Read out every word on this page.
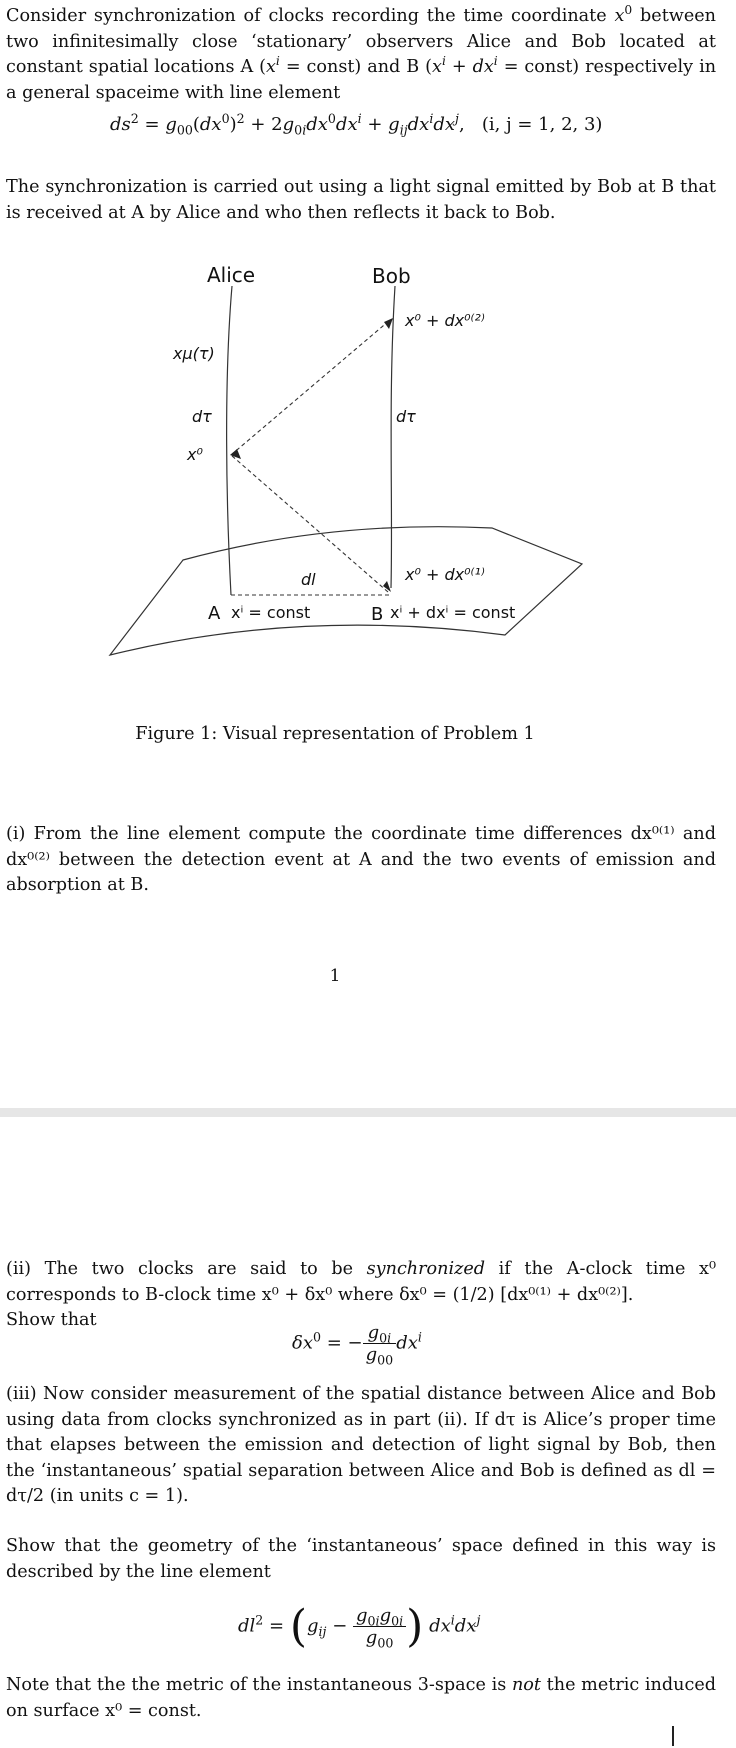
Consider synchronization of clocks recording the time coordinate $x^0$ between two infinitesimally close ‘stationary’ observers Alice and Bob located at constant spatial locations A ($x^i$ = const) and B ($x^i + dx^i$ = const) respectively in a general spaceime with line element

$ds^2 = g_{00}(dx^0)^2 + 2g_{0i}dx^0dx^i + g_{ij}dx^idx^j$,   (i, j = 1, 2, 3)

The synchronization is carried out using a light signal emitted by Bob at B that is received at A by Alice and who then reflects it back to Bob.

Alice	Bob
xμ(τ)
dτ
x⁰
dτ
x⁰ + dx⁰⁽²⁾
x⁰ + dx⁰⁽¹⁾
dl
A xⁱ = const	B xⁱ + dxⁱ = const
Figure 1: Visual representation of Problem 1

(i) From the line element compute the coordinate time differences dx⁰⁽¹⁾ and dx⁰⁽²⁾ between the detection event at A and the two events of emission and absorption at B.

1

(ii) The two clocks are said to be synchronized if the A-clock time x⁰ corresponds to B-clock time x⁰ + δx⁰ where δx⁰ = (1/2) [dx⁰⁽¹⁾ + dx⁰⁽²⁾].

Show that

$\delta x^0$ = − $\frac{g_{0i}}{g_{00}} dx^i$

(iii) Now consider measurement of the spatial distance between Alice and Bob using data from clocks synchronized as in part (ii). If dτ is Alice’s proper time that elapses between the emission and detection of light signal by Bob, then the ‘instantaneous’ spatial separation between Alice and Bob is defined as dl = dτ/2 (in units c = 1).

Show that the geometry of the ‘instantaneous’ space defined in this way is described by the line element

$dl^2 = (g_{ij} - \frac{g_{0i}g_{0i}}{g_{00}}$ ) $dx^idx^j$

Note that the the metric of the instantaneous 3-space is not the metric induced on surface x⁰ = const.
